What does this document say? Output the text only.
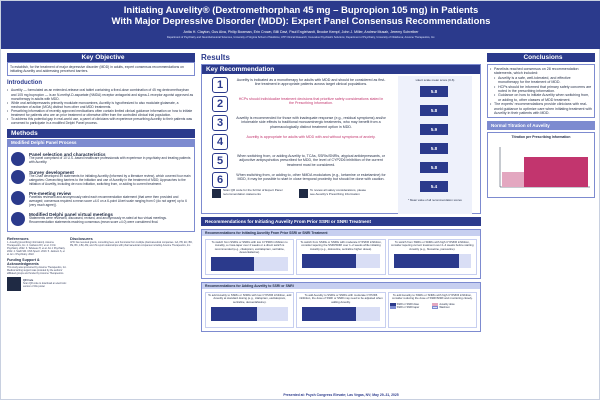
Initiating Auvelity® (Dextromethorphan 45 mg – Bupropion 105 mg) in Patients
With Major Depressive Disorder (MDD): Expert Panel Consensus Recommendations
Anita H. Clayton, Gus Alva, Philip Bowman, Erin Crown, Billi Davi, Paul Englehardt, Brooke Kempf, John J. Miller, Andrew Musah, Jeremy Schreiber
Department of Psychiatry and Neurobehavioral Sciences, University of Virginia School of Medicine; ATP Clinical Research; Innovative Psychiatric Solutions; Department of Psychiatry, University of Oklahoma; Axsome Therapeutics, Inc.
Key Objective
To establish, for the treatment of major depressive disorder (MDD) in adults, expert consensus recommendations on initiating Auvelity and addressing perceived barriers.
Introduction
• Auvelity — formulated as an extended-release oral tablet containing a fixed-dose combination of 45 mg dextromethorphan and 105 mg bupropion — is an N-methyl-D-aspartate (NMDA) receptor antagonist and sigma-1 receptor agonist approved as monotherapy in adults with MDD.
• While oral antidepressants primarily modulate monoamines, Auvelity is hypothesized to also modulate glutamate, a mechanism of action (MOA) distinct from other oral MDD treatments.
• Prescribing information of recently approved medications often contain limited clinical guidance information on how to initiate treatment for patients who are on prior treatment or otherwise differ from the controlled clinical trial population.
• To address this potential gap in real-world use, a panel of clinicians with experience prescribing Auvelity to their patients was convened to participate in a modified Delphi Panel process.
Methods
Modified Delphi Panel Process
Panel selection and characteristics
The panel comprised of 10 U.S.-based healthcare professionals with experience in psychiatry and treating patients with Auvelity.
Survey development
The Chair developed 49 statements for initiating Auvelity (informed by a literature review), which covered four main categories: Overarching barriers to the initiation and use of Auvelity in the treatment of MDD; Approaches to the initiation of Auvelity, including de novo initiation, switching from, or adding to current treatment.
Pre-meeting review
Panelists reviewed and anonymously rated each recommendation statement (that were then provided and averaged; consensus required a mean score ≥4.0 on a 6-point Likert scale ranging from 0 (do not agree) up to 6 (very much agree)).
Modified Delphi panel virtual meetings
Statements were reviewed, discussed, revised, and anonymously re-rated at two virtual meetings. Recommendation statements reaching consensus (mean score ≥4.0) were considered final.
References
1. Auvelity [prescribing information]. Axsome Therapeutics, Inc. 2. Iosifescu DV, et al. J Clin Psychiatry. 2022. 3. Tabuteau H, et al. Am J Psychiatry. 2022. 4. Stahl SM. CNS Spectr. 2019. 5. Jackson S, et al. Am J Psychiatry. 2022.
Funding Support & Acknowledgments
This study was sponsored by Axsome Therapeutics, Inc. Medical writing support was provided by the authors' affiliated groups and funded by Axsome Therapeutics.
QR Code
Scan QR code to download an electronic version of this poster
Disclosures
AHC has received grants, consulting fees, and honoraria from multiple pharmaceutical companies. GA, PB, EC, BD, PE, BK, JJM, AM, and JS report relationships with pharmaceutical companies including Axsome Therapeutics, Inc.
Results
Key Recommendation
Likert scale mean score (0-6)
5.8
5.8
5.9
5.8
5.8
5.4
* Mean value of all recommendation scores
1	Auvelity is indicated as a monotherapy for adults with MDD and should be considered as first-line treatment in appropriate patients across target clinical populations.
2	HCPs should individualize treatment decisions that prioritize safety considerations stated in the Prescribing Information.
3	Auvelity is recommended for those with inadequate response (e.g., residual symptoms) and/or intolerable side effects to traditional monoaminergic treatments, who may benefit from a pharmacologically distinct treatment option in MDD.
4	Auvelity is appropriate for adults with MDD with and without symptoms of anxiety.
5	When switching from, or adding Auvelity to, TCAs, SSRIs/SNRIs, atypical antidepressants, or adjunctive antipsychotics prescribed for MDD, the level of CYP2D6 inhibition of the current treatment must be considered.
6	When switching from, or adding to, other NMDA modulators (e.g., ketamine or esketamine) for MDD, it may be possible to start in close temporal proximity but should be done with caution.
Scan QR code for the full list of Expert Panel recommendation statements
To review all safety considerations, please see Auvelity's Prescribing Information
Recommendations for Initiating Auvelity From Prior SSRI or SNRI Treatment
Recommendations for Initiating Auvelity From Prior SSRI or SNRI Treatment
To switch from SSRIs or SNRIs with low CYP2D6 inhibition to Auvelity, a cross-taper over 2 weeks or a direct switch is recommended (e.g., citalopram, escitalopram, sertraline, desvenlafaxine).
To switch from SSRIs or SNRIs with moderate CYP2D6 inhibition, consider tapering the SSRI/SNRI over 1–2 weeks while initiating Auvelity (e.g., duloxetine, sertraline higher doses).
To switch from SSRIs or SNRIs with high CYP2D6 inhibition, consider tapering current treatment over 2–4 weeks before starting Auvelity (e.g., fluoxetine, paroxetine).
Recommendations for Adding Auvelity to SSRI or SNRI
To add Auvelity to SSRIs or SNRIs with low CYP2D6 inhibition, add Auvelity at standard dosing (e.g., citalopram, escitalopram, sertraline, desvenlafaxine).
To add Auvelity to SSRIs or SNRIs with moderate CYP2D6 inhibition, the dose of SSRI or SNRI may need to be adjusted when adding Auvelity.
To add Auvelity to SSRIs or SNRIs with high CYP2D6 inhibition, consider reducing the dose of SSRI/SNRI and monitoring closely.
SSRI or SNRI dose	Auvelity dose
SSRI or SNRI taper	Washout
Conclusions
• Panelists reached consensus on 28 recommendation statements, which included:
• Auvelity is a safe, well-tolerated, and effective monotherapy for the treatment of MDD.
• HCPs should be informed that primary safety concerns are noted in the prescribing information.
• Guidance on how to initiate Auvelity when switching from, or adding to, other classes of MDD treatment.
• The experts' recommendations provide clinicians with real-world guidance to optimize care when initiating treatment with Auvelity in their patients with MDD.
Normal Titration of Auvelity
Titration per Prescribing Information
Presented at: Psych Congress Elevate; Las Vegas, NV; May 29–31, 2025
